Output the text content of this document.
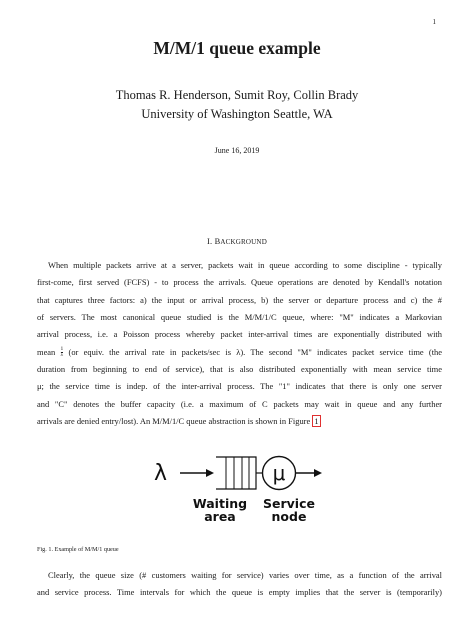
1
M/M/1 queue example
Thomas R. Henderson, Sumit Roy, Collin Brady
University of Washington Seattle, WA
June 16, 2019
I. BACKGROUND
When multiple packets arrive at a server, packets wait in queue according to some discipline - typically
first-come, first served (FCFS) - to process the arrivals. Queue operations are denoted by Kendall's notation
that captures three factors: a) the input or arrival process, b) the server or departure process and c) the #
of servers. The most canonical queue studied is the M/M/1/C queue, where: "M" indicates a Markovian
arrival process, i.e. a Poisson process whereby packet inter-arrival times are exponentially distributed with
mean $\frac{1}{\lambda} (or$ equiv. the arrival rate in packets/sec is λ). The second "M" indicates packet service time (the
duration from beginning to end of service), that is also distributed exponentially with mean service time
μ; the service time is indep. of the inter-arrival process. The "1" indicates that there is only one server
and "C" denotes the buffer capacity (i.e. a maximum of C packets may wait in queue and any further
arrivals are denied entry/lost). An M/M/1/C queue abstraction is shown in Figure 1
λ	μ
Waiting area
Service node
Fig. 1. Example of M/M/1 queue
Clearly, the queue size (# customers waiting for service) varies over time, as a function of the arrival
and service process. Time intervals for which the queue is empty implies that the server is (temporarily)
